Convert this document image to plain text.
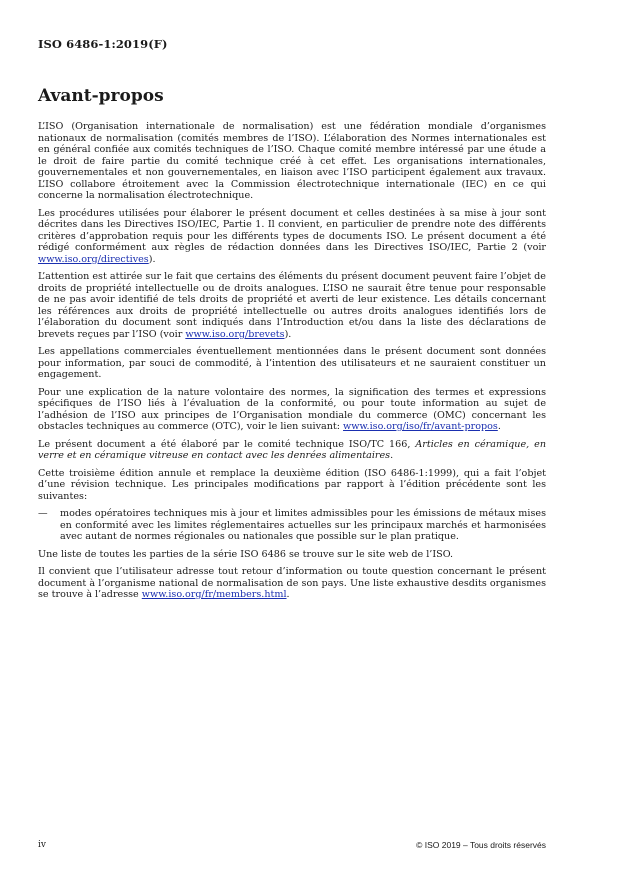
ISO 6486-1:2019(F)
Avant-propos

L’ISO (Organisation internationale de normalisation) est une fédération mondiale d’organismes nationaux de normalisation (comités membres de l’ISO). L’élaboration des Normes internationales est en général confiée aux comités techniques de l’ISO. Chaque comité membre intéressé par une étude a le droit de faire partie du comité technique créé à cet effet. Les organisations internationales, gouvernementales et non gouvernementales, en liaison avec l’ISO participent également aux travaux. L’ISO collabore étroitement avec la Commission électrotechnique internationale (IEC) en ce qui concerne la normalisation électrotechnique.

Les procédures utilisées pour élaborer le présent document et celles destinées à sa mise à jour sont décrites dans les Directives ISO/IEC, Partie 1. Il convient, en particulier de prendre note des différents critères d’approbation requis pour les différents types de documents ISO. Le présent document a été rédigé conformément aux règles de rédaction données dans les Directives ISO/IEC, Partie 2 (voir www.iso.org/directives).

L’attention est attirée sur le fait que certains des éléments du présent document peuvent faire l’objet de droits de propriété intellectuelle ou de droits analogues. L’ISO ne saurait être tenue pour responsable de ne pas avoir identifié de tels droits de propriété et averti de leur existence. Les détails concernant les références aux droits de propriété intellectuelle ou autres droits analogues identifiés lors de l’élaboration du document sont indiqués dans l’Introduction et/ou dans la liste des déclarations de brevets reçues par l’ISO (voir www.iso.org/brevets).

Les appellations commerciales éventuellement mentionnées dans le présent document sont données pour information, par souci de commodité, à l’intention des utilisateurs et ne sauraient constituer un engagement.

Pour une explication de la nature volontaire des normes, la signification des termes et expressions spécifiques de l’ISO liés à l’évaluation de la conformité, ou pour toute information au sujet de l’adhésion de l’ISO aux principes de l’Organisation mondiale du commerce (OMC) concernant les obstacles techniques au commerce (OTC), voir le lien suivant: www.iso.org/iso/fr/avant-propos.

Le présent document a été élaboré par le comité technique ISO/TC 166, Articles en céramique, en verre et en céramique vitreuse en contact avec les denrées alimentaires.

Cette troisième édition annule et remplace la deuxième édition (ISO 6486-1:1999), qui a fait l’objet d’une révision technique. Les principales modifications par rapport à l’édition précédente sont les suivantes:

—	modes opératoires techniques mis à jour et limites admissibles pour les émissions de métaux mises en conformité avec les limites réglementaires actuelles sur les principaux marchés et harmonisées avec autant de normes régionales ou nationales que possible sur le plan pratique.

Une liste de toutes les parties de la série ISO 6486 se trouve sur le site web de l’ISO.

Il convient que l’utilisateur adresse tout retour d’information ou toute question concernant le présent document à l’organisme national de normalisation de son pays. Une liste exhaustive desdits organismes se trouve à l’adresse www.iso.org/fr/members.html.

iv	© ISO 2019 – Tous droits réservés
